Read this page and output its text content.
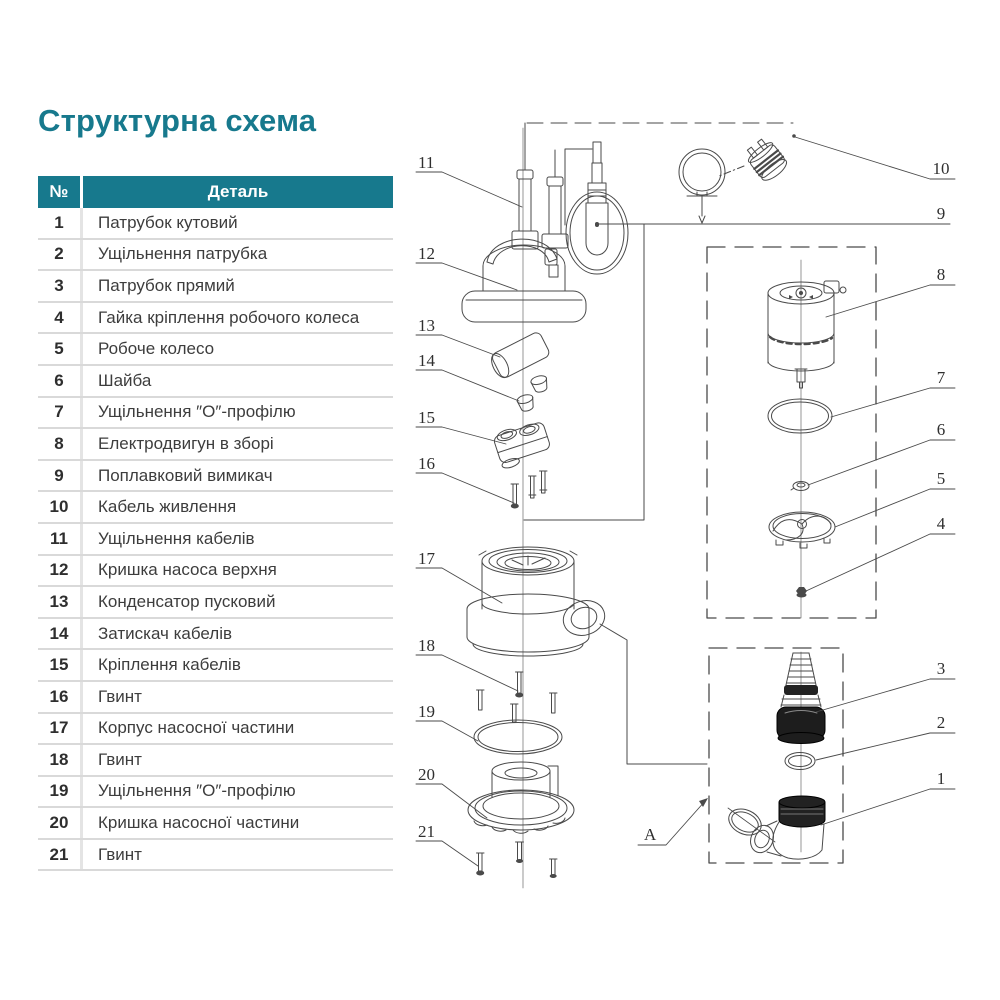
11
12
13
14
15
16
17
18
19
20
21
10
9
8
7
6
5
4
3
2
1
A
Структурна схема
№	Деталь
1	Патрубок кутовий
2	Ущільнення патрубка
3	Патрубок прямий
4	Гайка кріплення робочого колеса
5	Робоче колесо
6	Шайба
7	Ущільнення ″О″-профілю
8	Електродвигун в зборі
9	Поплавковий вимикач
10	Кабель живлення
11	Ущільнення кабелів
12	Кришка насоса верхня
13	Конденсатор пусковий
14	Затискач кабелів
15	Кріплення кабелів
16	Гвинт
17	Корпус насосної частини
18	Гвинт
19	Ущільнення ″О″-профілю
20	Кришка насосної частини
21	Гвинт
